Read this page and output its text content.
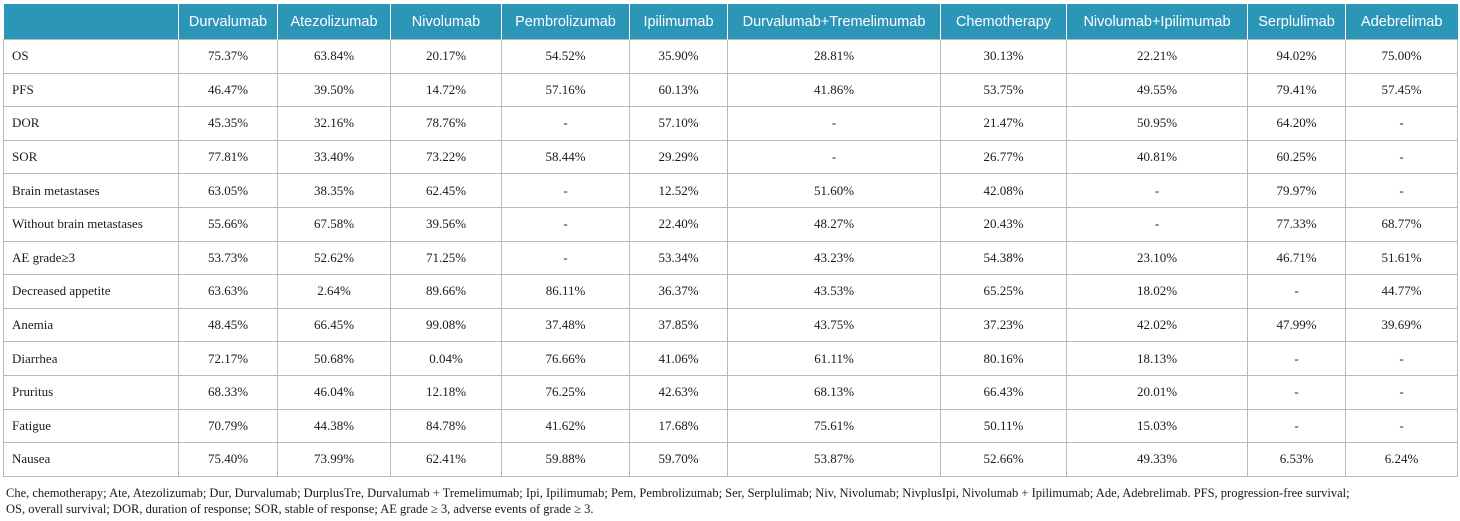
	Durvalumab	Atezolizumab	Nivolumab	Pembrolizumab	Ipilimumab	Durvalumab+Tremelimumab	Chemotherapy	Nivolumab+Ipilimumab	Serplulimab	Adebrelimab
OS	75.37%	63.84%	20.17%	54.52%	35.90%	28.81%	30.13%	22.21%	94.02%	75.00%
PFS	46.47%	39.50%	14.72%	57.16%	60.13%	41.86%	53.75%	49.55%	79.41%	57.45%
DOR	45.35%	32.16%	78.76%	-	57.10%	-	21.47%	50.95%	64.20%	-
SOR	77.81%	33.40%	73.22%	58.44%	29.29%	-	26.77%	40.81%	60.25%	-
Brain metastases	63.05%	38.35%	62.45%	-	12.52%	51.60%	42.08%	-	79.97%	-
Without brain metastases	55.66%	67.58%	39.56%	-	22.40%	48.27%	20.43%	-	77.33%	68.77%
AE grade≥3	53.73%	52.62%	71.25%	-	53.34%	43.23%	54.38%	23.10%	46.71%	51.61%
Decreased appetite	63.63%	2.64%	89.66%	86.11%	36.37%	43.53%	65.25%	18.02%	-	44.77%
Anemia	48.45%	66.45%	99.08%	37.48%	37.85%	43.75%	37.23%	42.02%	47.99%	39.69%
Diarrhea	72.17%	50.68%	0.04%	76.66%	41.06%	61.11%	80.16%	18.13%	-	-
Pruritus	68.33%	46.04%	12.18%	76.25%	42.63%	68.13%	66.43%	20.01%	-	-
Fatigue	70.79%	44.38%	84.78%	41.62%	17.68%	75.61%	50.11%	15.03%	-	-
Nausea	75.40%	73.99%	62.41%	59.88%	59.70%	53.87%	52.66%	49.33%	6.53%	6.24%
Che, chemotherapy; Ate, Atezolizumab; Dur, Durvalumab; DurplusTre, Durvalumab + Tremelimumab; Ipi, Ipilimumab; Pem, Pembrolizumab; Ser, Serplulimab; Niv, Nivolumab; NivplusIpi, Nivolumab + Ipilimumab; Ade, Adebrelimab. PFS, progression-free survival;
OS, overall survival; DOR, duration of response; SOR, stable of response; AE grade ≥ 3, adverse events of grade ≥ 3.
